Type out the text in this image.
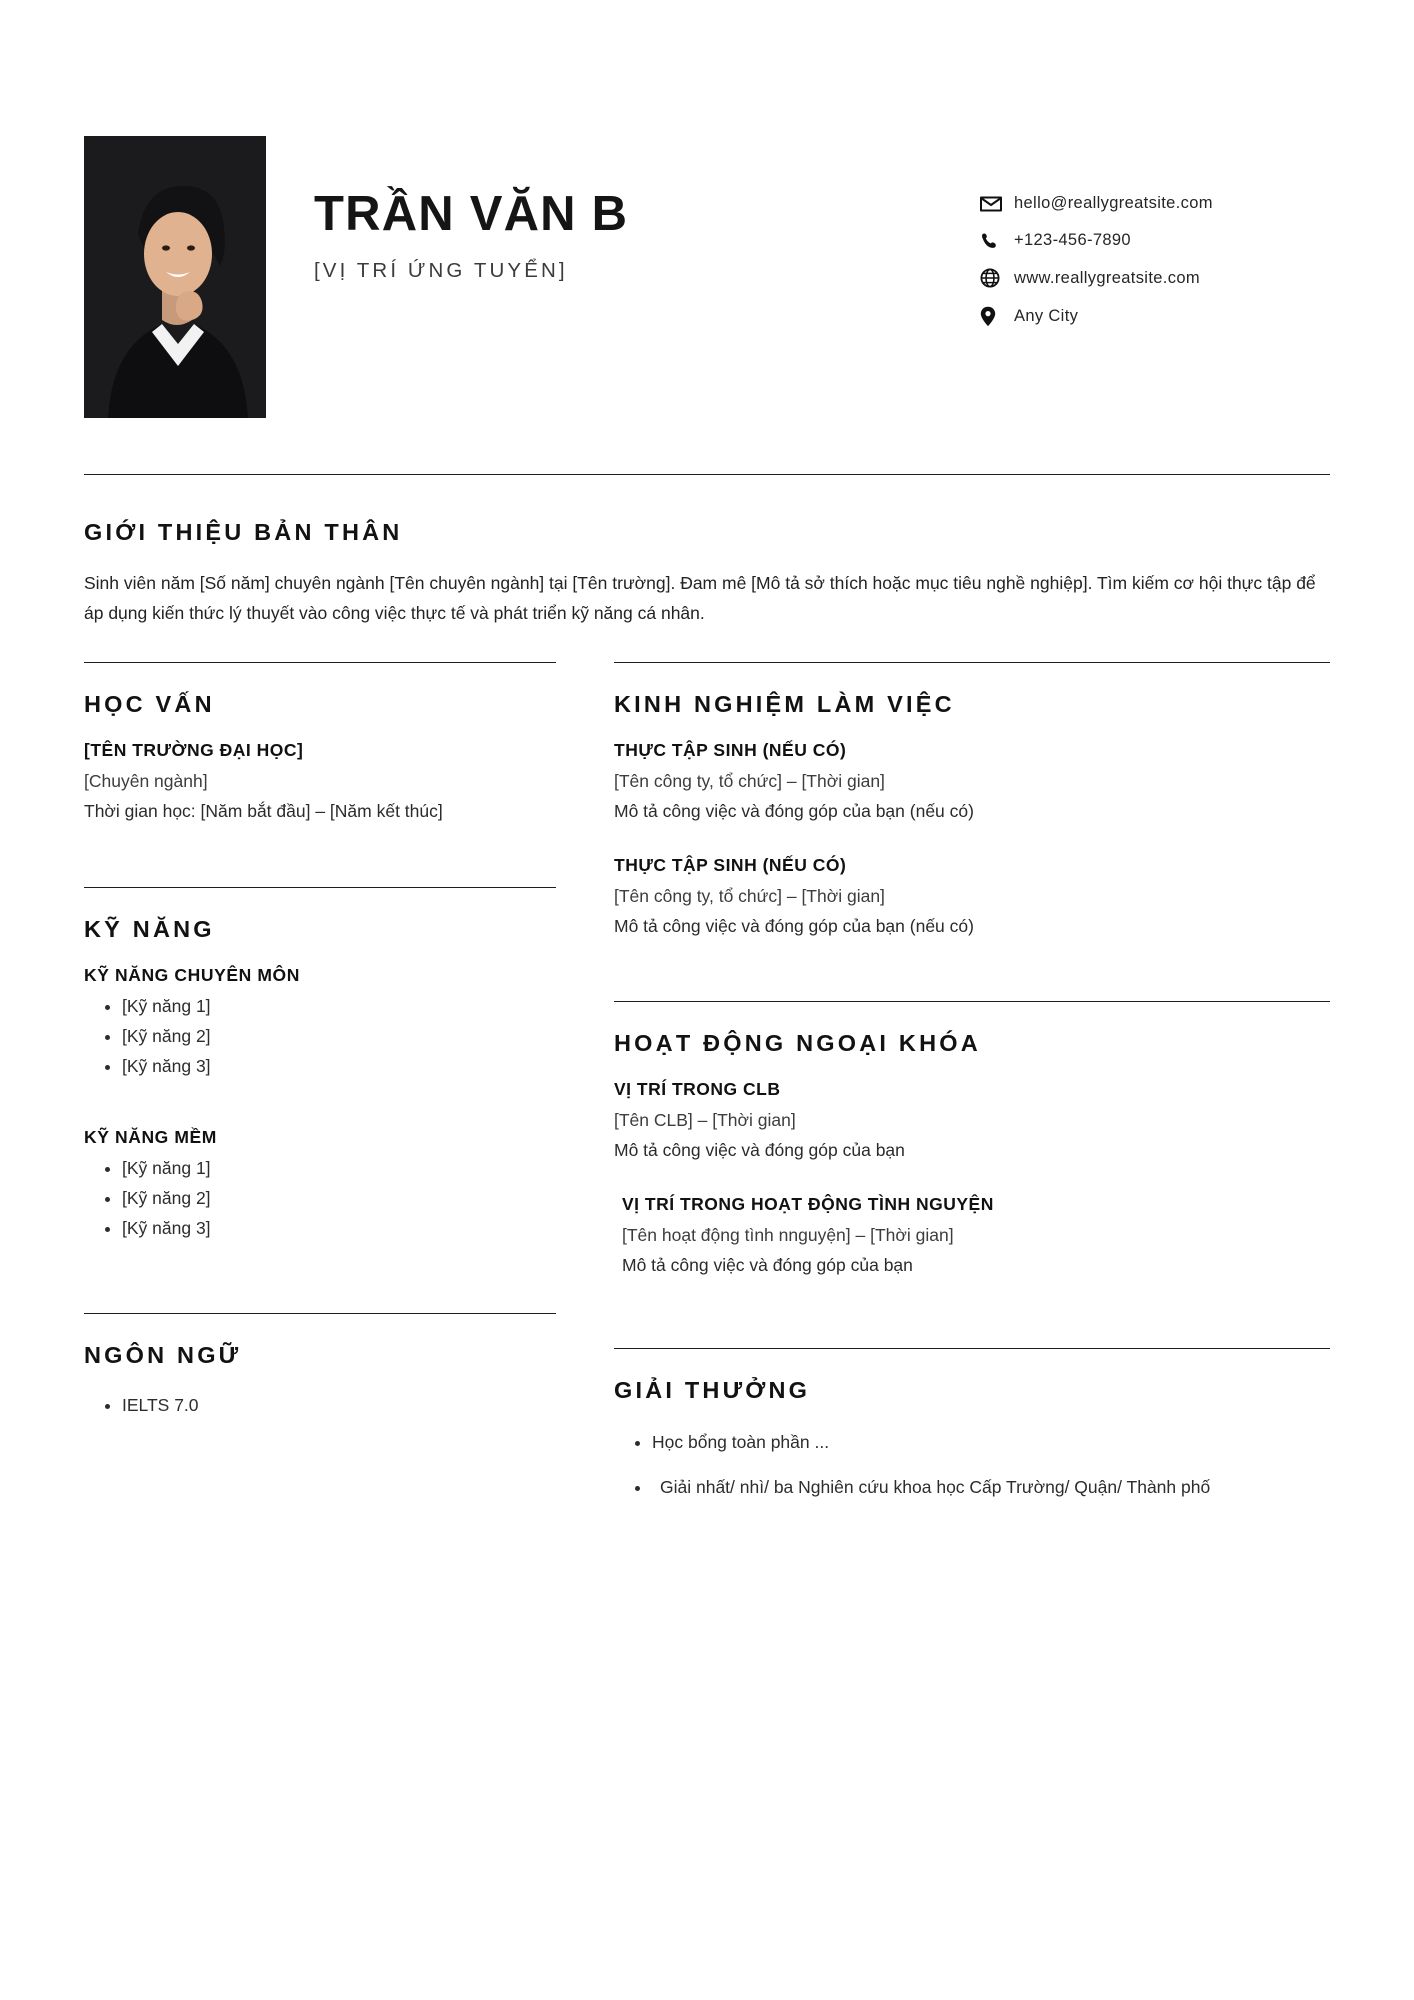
TRẦN VĂN B
[VỊ TRÍ ỨNG TUYỂN]
hello@reallygreatsite.com
+123-456-7890
www.reallygreatsite.com
Any City
GIỚI THIỆU BẢN THÂN
Sinh viên năm [Số năm] chuyên ngành [Tên chuyên ngành] tại [Tên trường]. Đam mê [Mô tả sở thích hoặc mục tiêu nghề nghiệp]. Tìm kiếm cơ hội thực tập để áp dụng kiến thức lý thuyết vào công việc thực tế và phát triển kỹ năng cá nhân.
HỌC VẤN
[TÊN TRƯỜNG ĐẠI HỌC]
[Chuyên ngành]
Thời gian học: [Năm bắt đầu] – [Năm kết thúc]
KỸ NĂNG
KỸ NĂNG CHUYÊN MÔN
• [Kỹ năng 1]
• [Kỹ năng 2]
• [Kỹ năng 3]
KỸ NĂNG MỀM
• [Kỹ năng 1]
• [Kỹ năng 2]
• [Kỹ năng 3]
NGÔN NGỮ
• IELTS 7.0
KINH NGHIỆM LÀM VIỆC
THỰC TẬP SINH (NẾU CÓ)
[Tên công ty, tổ chức] – [Thời gian]
Mô tả công việc và đóng góp của bạn (nếu có)
THỰC TẬP SINH (NẾU CÓ)
[Tên công ty, tổ chức] – [Thời gian]
Mô tả công việc và đóng góp của bạn (nếu có)
HOẠT ĐỘNG NGOẠI KHÓA
VỊ TRÍ TRONG CLB
[Tên CLB] – [Thời gian]
Mô tả công việc và đóng góp của bạn
VỊ TRÍ TRONG HOẠT ĐỘNG TÌNH NGUYỆN
[Tên hoạt động tình nnguyện] – [Thời gian]
Mô tả công việc và đóng góp của bạn
GIẢI THƯỞNG
• Học bổng toàn phần ...
• Giải nhất/ nhì/ ba Nghiên cứu khoa học Cấp Trường/ Quận/ Thành phố
